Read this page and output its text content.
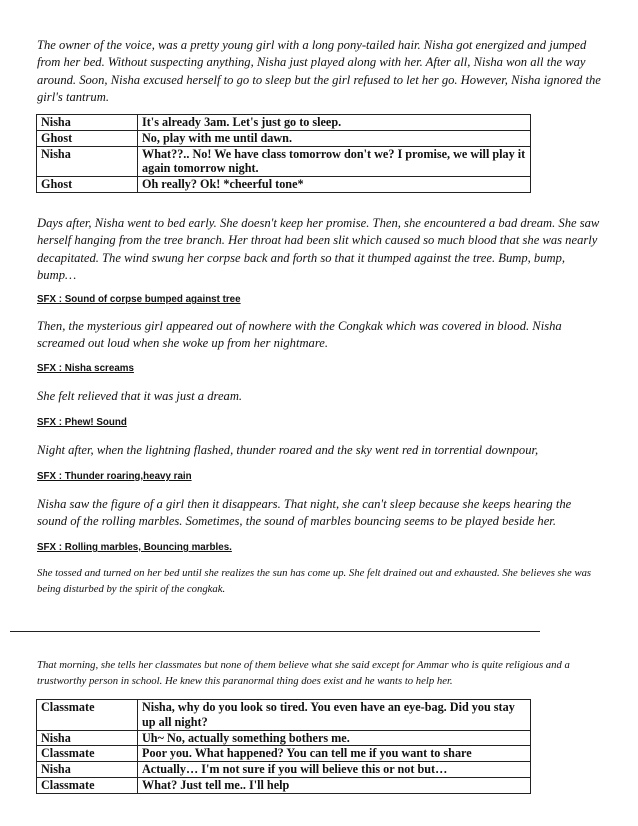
The owner of the voice, was a pretty young girl with a long pony-tailed hair. Nisha got energized and jumped from her bed. Without suspecting anything, Nisha just played along with her. After all, Nisha won all the way around. Soon, Nisha excused herself to go to sleep but the girl refused to let her go. However, Nisha ignored the girl's tantrum.

Nisha	It's already 3am. Let's just go to sleep.
Ghost	No, play with me until dawn.
Nisha	What??.. No! We have class tomorrow don't we? I promise, we will play it again tomorrow night.
Ghost	Oh really? Ok! *cheerful tone*

Days after, Nisha went to bed early. She doesn't keep her promise. Then, she encountered a bad dream. She saw herself hanging from the tree branch. Her throat had been slit which caused so much blood that she was nearly decapitated. The wind swung her corpse back and forth so that it thumped against the tree. Bump, bump, bump…

SFX : Sound of corpse bumped against tree

Then, the mysterious girl appeared out of nowhere with the Congkak which was covered in blood. Nisha screamed out loud when she woke up from her nightmare.

SFX : Nisha screams

She felt relieved that it was just a dream.

SFX : Phew! Sound

Night after, when the lightning flashed, thunder roared and the sky went red in torrential downpour,

SFX : Thunder roaring,heavy rain

Nisha saw the figure of a girl then it disappears. That night, she can't sleep because she keeps hearing the sound of the rolling marbles. Sometimes, the sound of marbles bouncing seems to be played beside her.

SFX : Rolling marbles, Bouncing marbles.

She tossed and turned on her bed until she realizes the sun has come up. She felt drained out and exhausted. She believes she was being disturbed by the spirit of the congkak.

That morning, she tells her classmates but none of them believe what she said except for Ammar who is quite religious and a trustworthy person in school. He knew this paranormal thing does exist and he wants to help her.

Classmate	Nisha, why do you look so tired. You even have an eye-bag. Did you stay up all night?
Nisha	Uh~ No, actually something bothers me.
Classmate	Poor you. What happened? You can tell me if you want to share
Nisha	Actually… I'm not sure if you will believe this or not but…
Classmate	What? Just tell me.. I'll help
